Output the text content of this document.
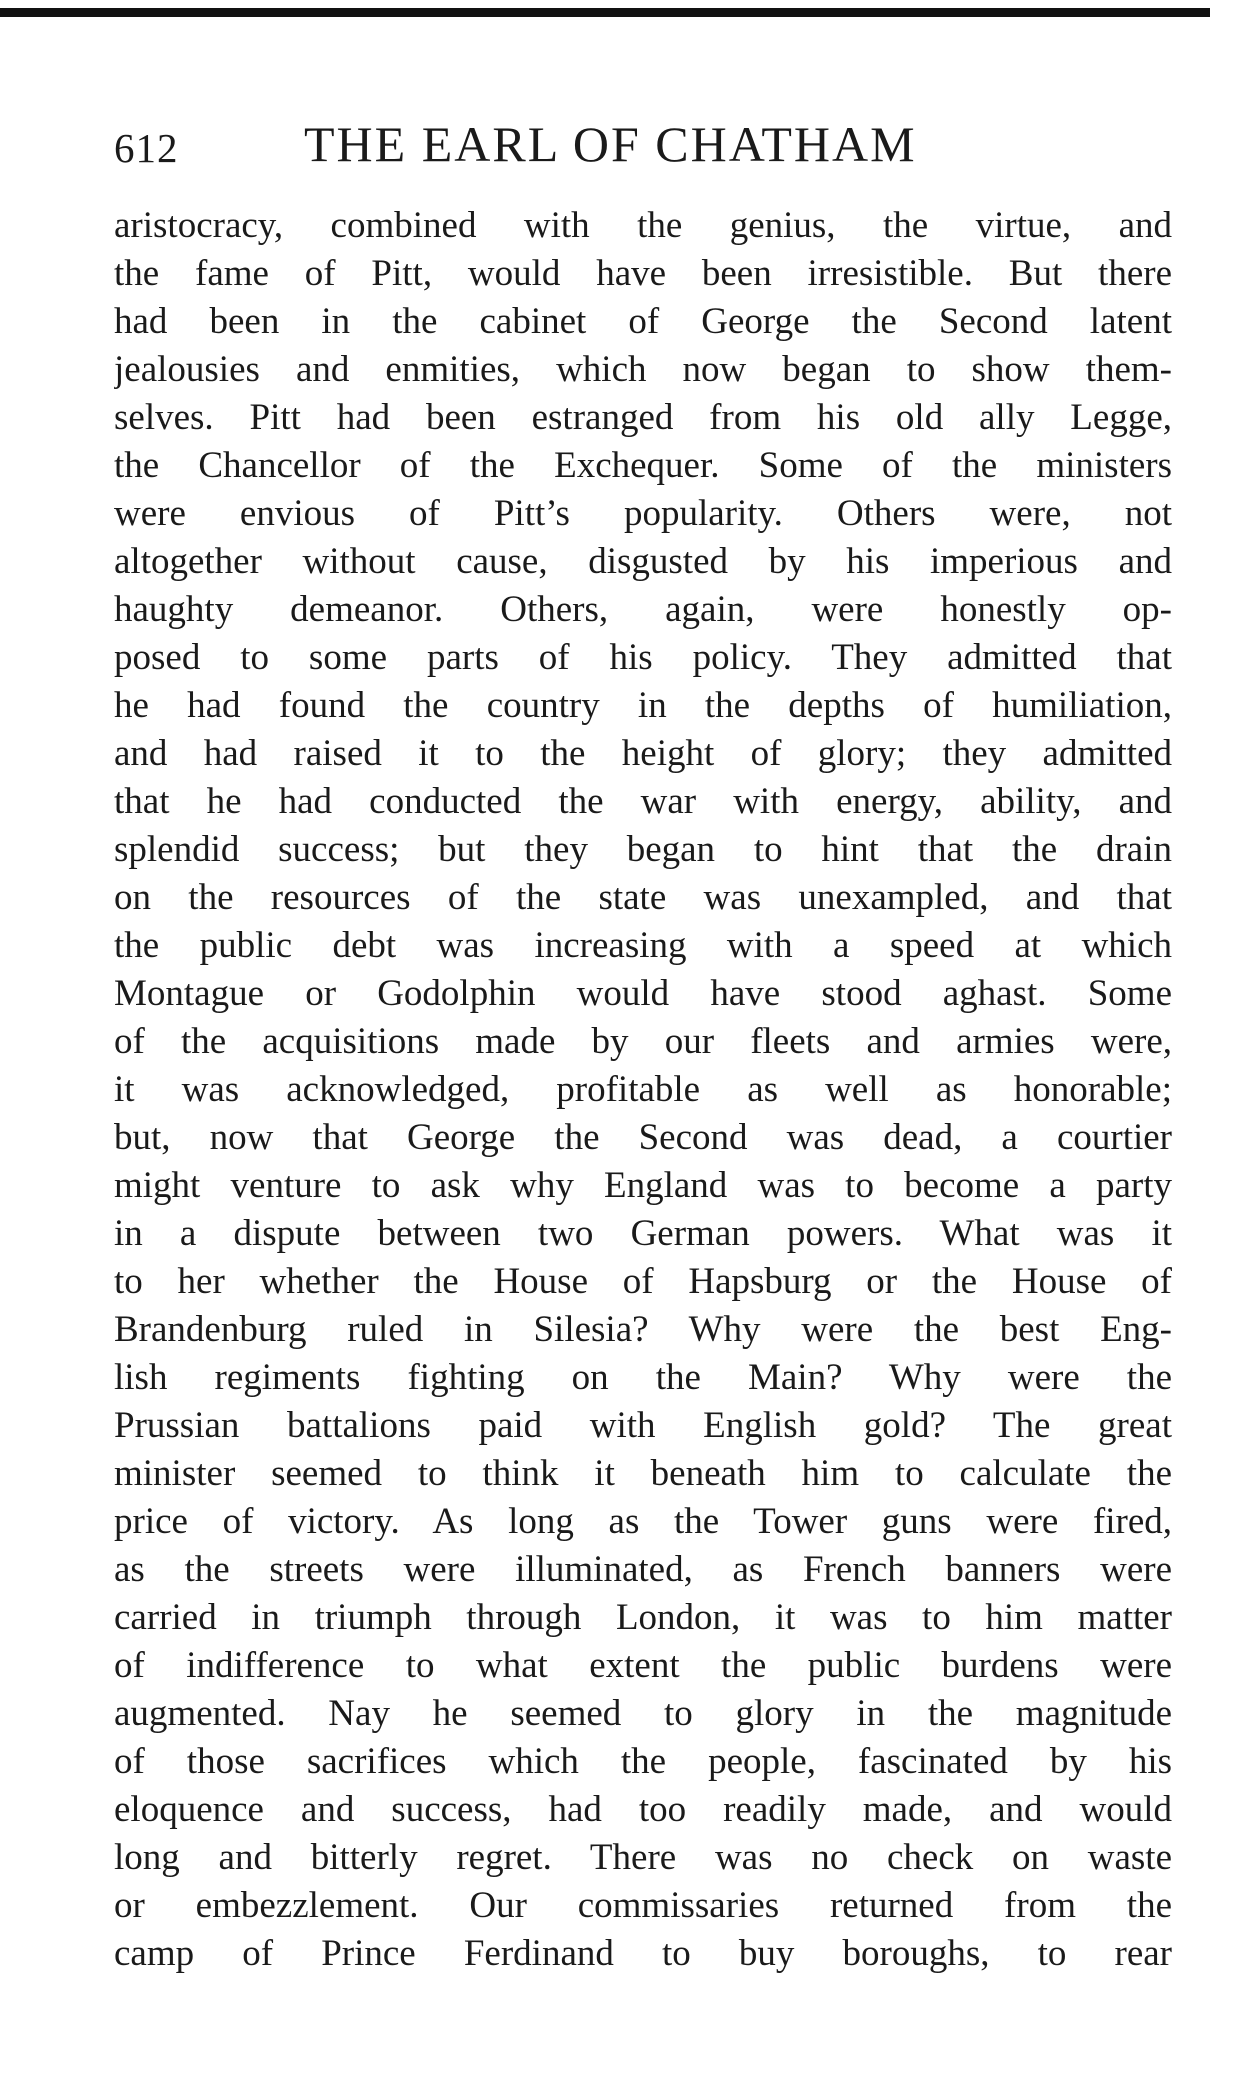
612	THE EARL OF CHATHAM
aristocracy, combined with the genius, the virtue, and
the fame of Pitt, would have been irresistible. But there
had been in the cabinet of George the Second latent
jealousies and enmities, which now began to show them-
selves. Pitt had been estranged from his old ally Legge,
the Chancellor of the Exchequer. Some of the ministers
were envious of Pitt’s popularity. Others were, not
altogether without cause, disgusted by his imperious and
haughty demeanor. Others, again, were honestly op-
posed to some parts of his policy. They admitted that
he had found the country in the depths of humiliation,
and had raised it to the height of glory; they admitted
that he had conducted the war with energy, ability, and
splendid success; but they began to hint that the drain
on the resources of the state was unexampled, and that
the public debt was increasing with a speed at which
Montague or Godolphin would have stood aghast. Some
of the acquisitions made by our fleets and armies were,
it was acknowledged, profitable as well as honorable;
but, now that George the Second was dead, a courtier
might venture to ask why England was to become a party
in a dispute between two German powers. What was it
to her whether the House of Hapsburg or the House of
Brandenburg ruled in Silesia? Why were the best Eng-
lish regiments fighting on the Main? Why were the
Prussian battalions paid with English gold? The great
minister seemed to think it beneath him to calculate the
price of victory. As long as the Tower guns were fired,
as the streets were illuminated, as French banners were
carried in triumph through London, it was to him matter
of indifference to what extent the public burdens were
augmented. Nay he seemed to glory in the magnitude
of those sacrifices which the people, fascinated by his
eloquence and success, had too readily made, and would
long and bitterly regret. There was no check on waste
or embezzlement. Our commissaries returned from the
camp of Prince Ferdinand to buy boroughs, to rear
